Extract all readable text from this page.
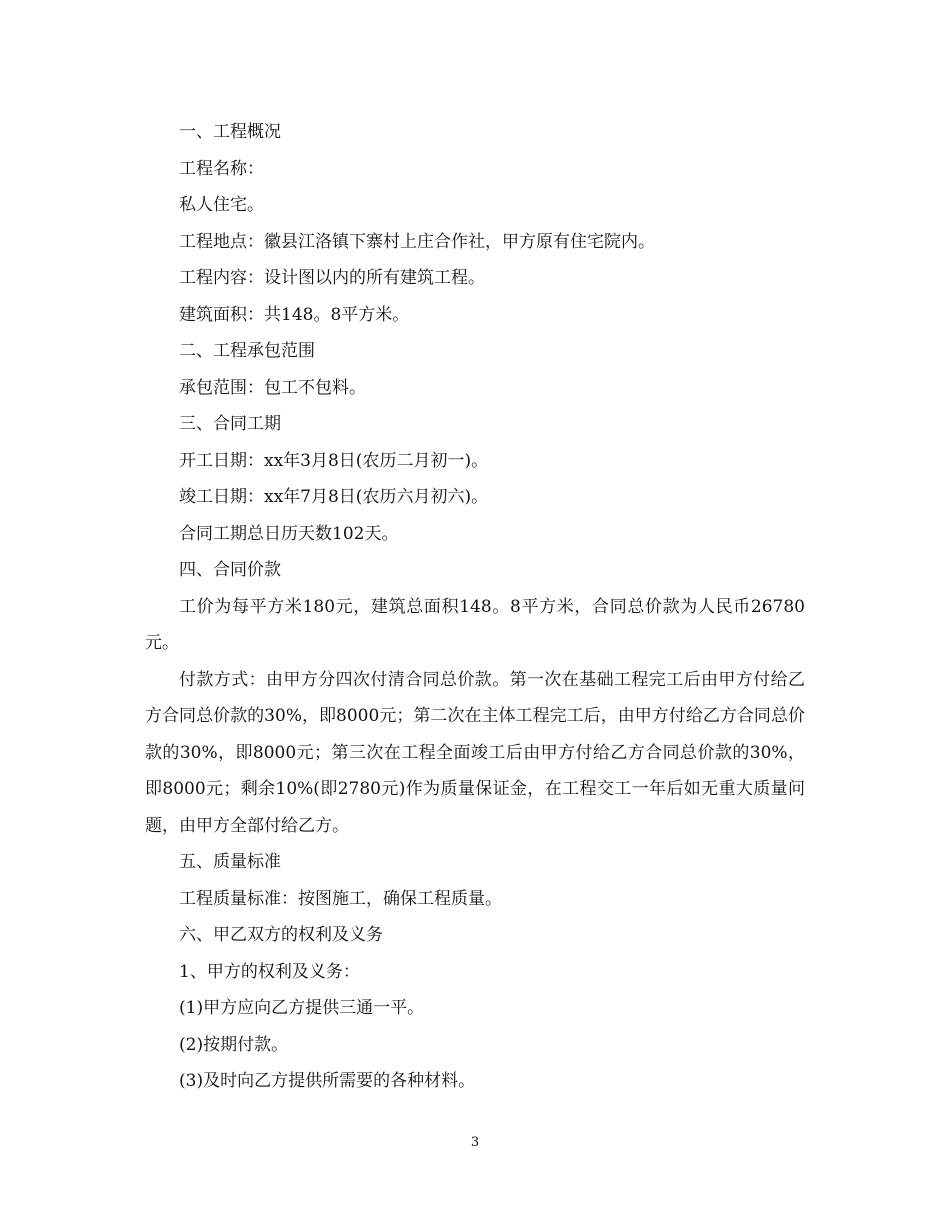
一、工程概况

工程名称：

私人住宅。

工程地点：徽县江洛镇下寨村上庄合作社，甲方原有住宅院内。

工程内容：设计图以内的所有建筑工程。

建筑面积：共148。8平方米。

二、工程承包范围

承包范围：包工不包料。

三、合同工期

开工日期：xx年3月8日(农历二月初一)。

竣工日期：xx年7月8日(农历六月初六)。

合同工期总日历天数102天。

四、合同价款

工价为每平方米180元，建筑总面积148。8平方米，合同总价款为人民币26780元。

付款方式：由甲方分四次付清合同总价款。第一次在基础工程完工后由甲方付给乙方合同总价款的30%，即8000元；第二次在主体工程完工后，由甲方付给乙方合同总价款的30%，即8000元；第三次在工程全面竣工后由甲方付给乙方合同总价款的30%，即8000元；剩余10%(即2780元)作为质量保证金，在工程交工一年后如无重大质量问题，由甲方全部付给乙方。

五、质量标准

工程质量标准：按图施工，确保工程质量。

六、甲乙双方的权利及义务

1、甲方的权利及义务：

(1)甲方应向乙方提供三通一平。

(2)按期付款。

(3)及时向乙方提供所需要的各种材料。

3
